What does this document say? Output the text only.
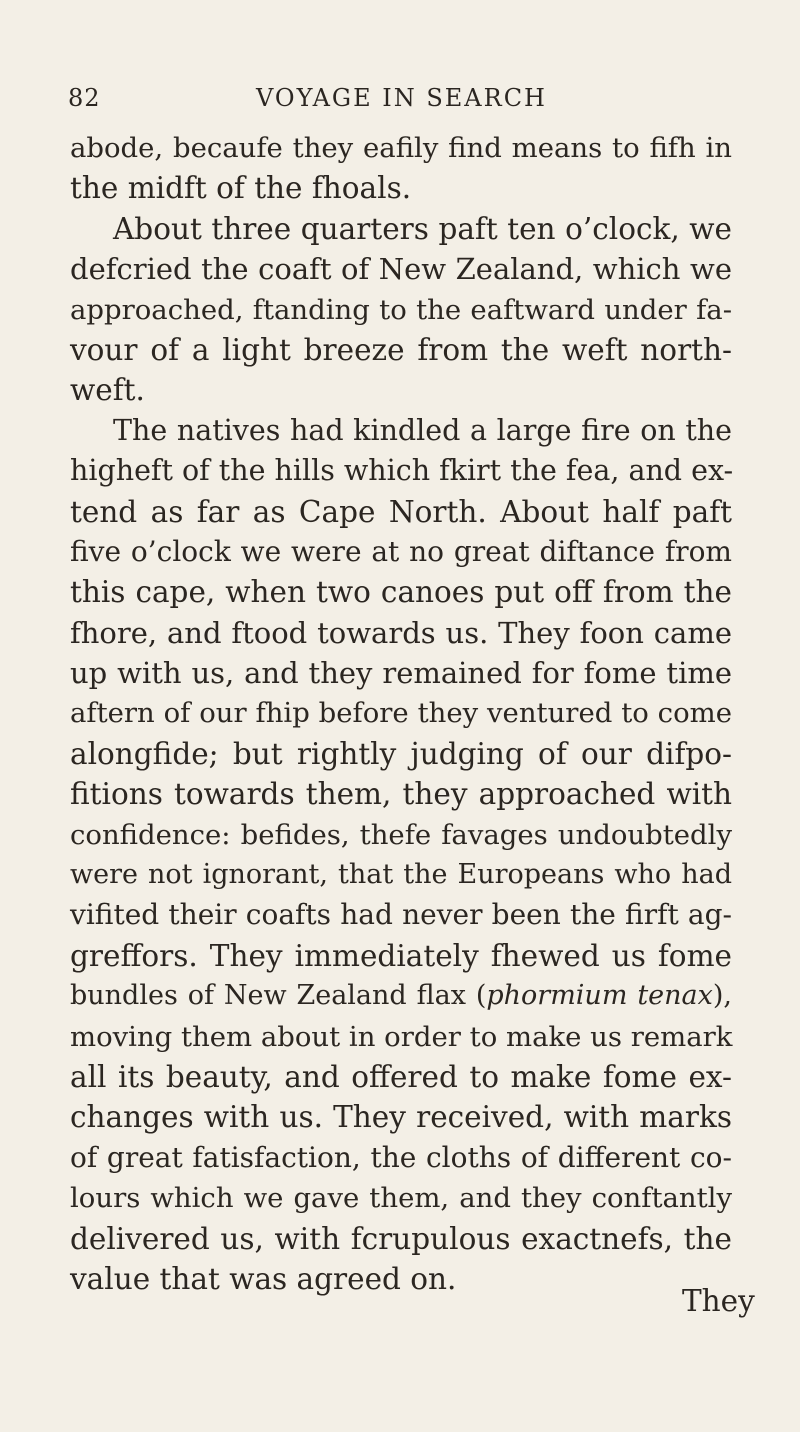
82	VOYAGE IN SEARCH
abode, becaufe they eafily find means to fifh in
the midft of the fhoals.
About three quarters paft ten o’clock, we
defcried the coaft of New Zealand, which we
approached, ftanding to the eaftward under fa-
vour of a light breeze from the weft north-
weft.
The natives had kindled a large fire on the
higheft of the hills which fkirt the fea, and ex-
tend as far as Cape North. About half paft
five o’clock we were at no great diftance from
this cape, when two canoes put off from the
fhore, and ftood towards us. They foon came
up with us, and they remained for fome time
aftern of our fhip before they ventured to come
alongfide; but rightly judging of our difpo-
fitions towards them, they approached with
confidence: befides, thefe favages undoubtedly
were not ignorant, that the Europeans who had
vifited their coafts had never been the firft ag-
greffors. They immediately fhewed us fome
bundles of New Zealand flax (phormium tenax),
moving them about in order to make us remark
all its beauty, and offered to make fome ex-
changes with us. They received, with marks
of great fatisfaction, the cloths of different co-
lours which we gave them, and they conftantly
delivered us, with fcrupulous exactnefs, the
value that was agreed on.
They
